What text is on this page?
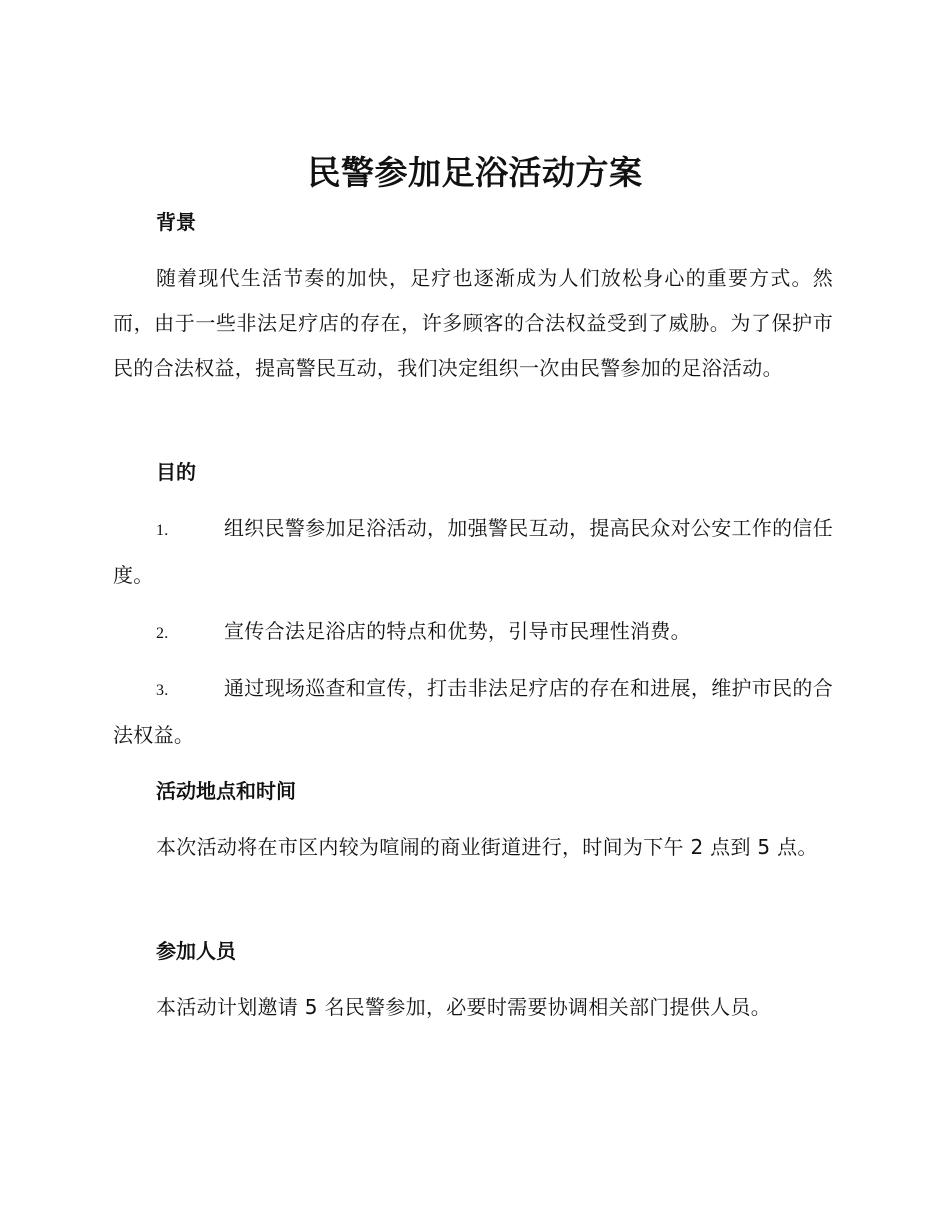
民警参加足浴活动方案
背景

随着现代生活节奏的加快，足疗也逐渐成为人们放松身心的重要方式。然而，由于一些非法足疗店的存在，许多顾客的合法权益受到了威胁。为了保护市民的合法权益，提高警民互动，我们决定组织一次由民警参加的足浴活动。

目的
1.	组织民警参加足浴活动，加强警民互动，提高民众对公安工作的信任度。
2.	宣传合法足浴店的特点和优势，引导市民理性消费。
3.	通过现场巡查和宣传，打击非法足疗店的存在和进展，维护市民的合法权益。
活动地点和时间

本次活动将在市区内较为喧闹的商业街道进行，时间为下午 2 点到 5 点。

参加人员

本活动计划邀请 5 名民警参加，必要时需要协调相关部门提供人员。
